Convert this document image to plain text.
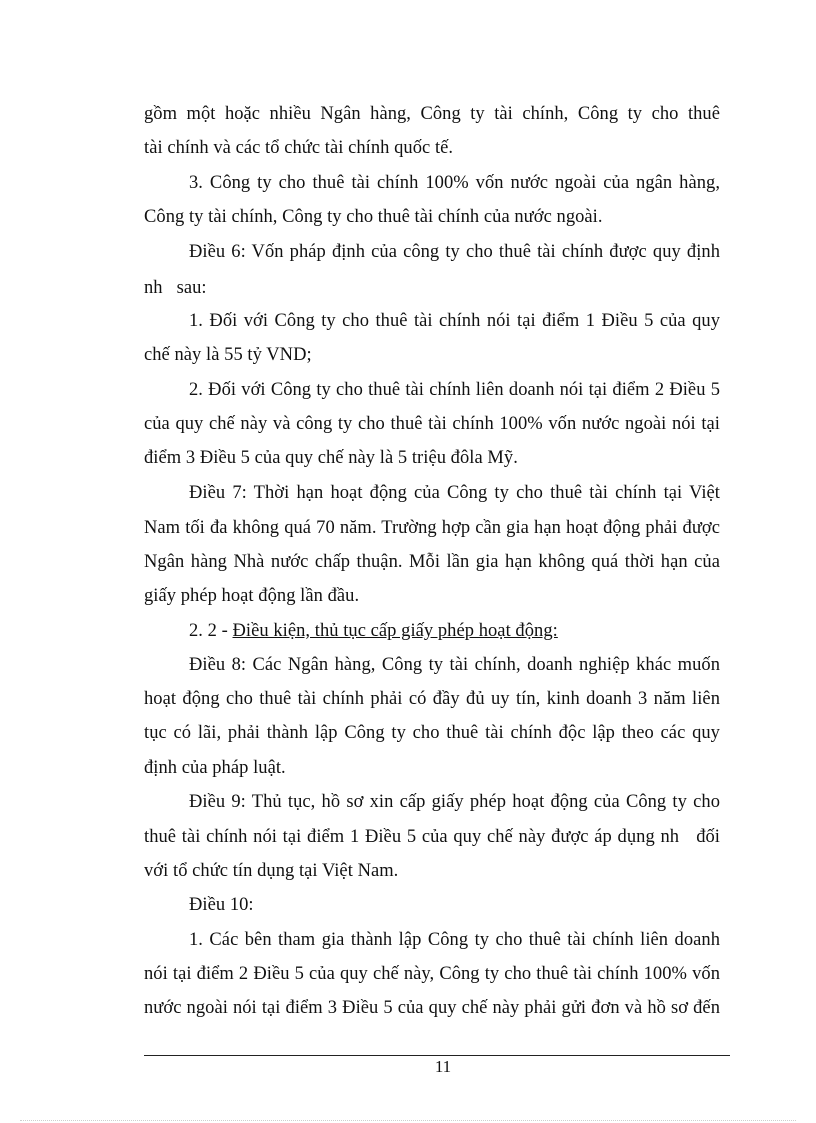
gồm một hoặc nhiều Ngân hàng, Công ty tài chính, Công ty cho thuê
tài chính và các tổ chức tài chính quốc tế.
3. Công ty cho thuê tài chính 100% vốn nước ngoài của ngân hàng,
Công ty tài chính, Công ty cho thuê tài chính của nước ngoài.
Điều 6: Vốn pháp định của công ty cho thuê tài chính được quy định
nh   sau:
1. Đối với Công ty cho thuê tài chính nói tại điểm 1 Điều 5 của quy
chế này là 55 tỷ VND;
2. Đối với Công ty cho thuê tài chính liên doanh nói tại điểm 2 Điều 5
của quy chế này và công ty cho thuê tài chính 100% vốn nước ngoài nói tại
điểm 3 Điều 5 của quy chế này là 5 triệu đôla Mỹ.
Điều 7: Thời hạn hoạt động của Công ty cho thuê tài chính tại Việt
Nam tối đa không quá 70 năm. Trường hợp cần gia hạn hoạt động phải được
Ngân hàng Nhà nước chấp thuận. Mỗi lần gia hạn không quá thời hạn của
giấy phép hoạt động lần đầu.
2. 2 - Điều kiện, thủ tục cấp giấy phép hoạt động:
Điều 8: Các Ngân hàng, Công ty tài chính, doanh nghiệp khác muốn
hoạt động cho thuê tài chính phải có đầy đủ uy tín, kinh doanh 3 năm liên
tục có lãi, phải thành lập Công ty cho thuê tài chính độc lập theo các quy
định của pháp luật.
Điều 9: Thủ tục, hồ sơ xin cấp giấy phép hoạt động của Công ty cho
thuê tài chính nói tại điểm 1 Điều 5 của quy chế này được áp dụng nh   đối
với tổ chức tín dụng tại Việt Nam.
Điều 10:
1. Các bên tham gia thành lập Công ty cho thuê tài chính liên doanh
nói tại điểm 2 Điều 5 của quy chế này, Công ty cho thuê tài chính 100% vốn
nước ngoài nói tại điểm 3 Điều 5 của quy chế này phải gửi đơn và hồ sơ đến
11
